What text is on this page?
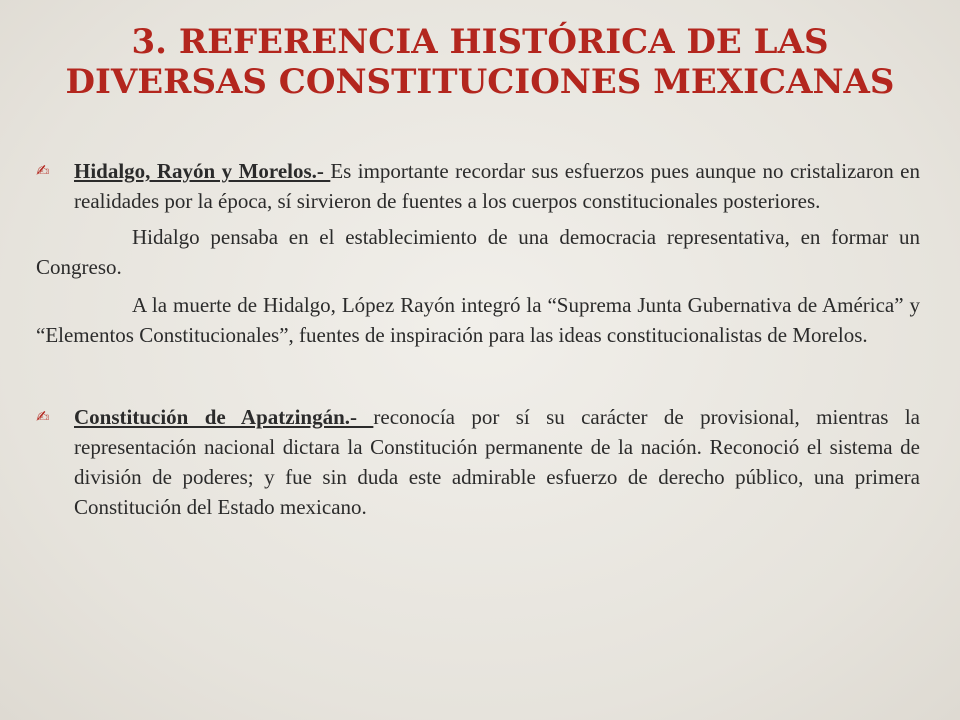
3. REFERENCIA HISTÓRICA DE LAS
DIVERSAS CONSTITUCIONES MEXICANAS

✍ Hidalgo, Rayón y Morelos.- Es importante recordar sus esfuerzos pues aunque no cristalizaron en realidades por la época, sí sirvieron de fuentes a los cuerpos constitucionales posteriores.

Hidalgo pensaba en el establecimiento de una democracia representativa, en formar un Congreso.

A la muerte de Hidalgo, López Rayón integró la “Suprema Junta Gubernativa de América” y “Elementos Constitucionales”, fuentes de inspiración para las ideas constitucionalistas de Morelos.

✍ Constitución de Apatzingán.- reconocía por sí su carácter de provisional, mientras la representación nacional dictara la Constitución permanente de la nación. Reconoció el sistema de división de poderes; y fue sin duda este admirable esfuerzo de derecho público, una primera Constitución del Estado mexicano.
